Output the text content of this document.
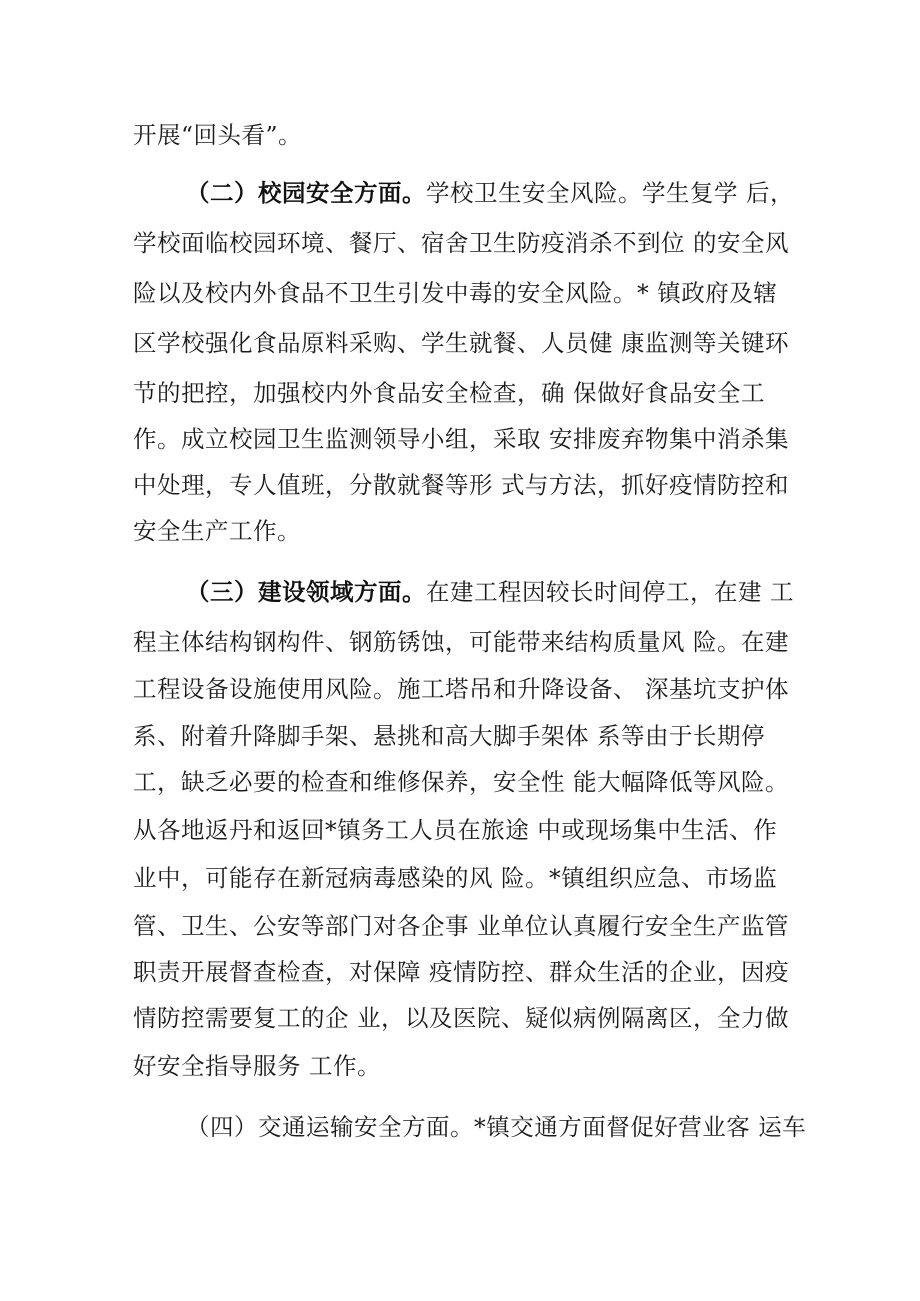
开展“回头看”。
（二）校园安全方面。学校卫生安全风险。学生复学 后，
学校面临校园环境、餐厅、宿舍卫生防疫消杀不到位 的安全风
险以及校内外食品不卫生引发中毒的安全风险。* 镇政府及辖
区学校强化食品原料采购、学生就餐、人员健 康监测等关键环
节的把控，加强校内外食品安全检查，确 保做好食品安全工
作。成立校园卫生监测领导小组，采取 安排废弃物集中消杀集
中处理，专人值班，分散就餐等形 式与方法，抓好疫情防控和
安全生产工作。
（三）建设领域方面。在建工程因较长时间停工，在建 工
程主体结构钢构件、钢筋锈蚀，可能带来结构质量风 险。在建
工程设备设施使用风险。施工塔吊和升降设备、 深基坑支护体
系、附着升降脚手架、悬挑和高大脚手架体 系等由于长期停
工，缺乏必要的检查和维修保养，安全性 能大幅降低等风险。
从各地返丹和返回*镇务工人员在旅途 中或现场集中生活、作
业中，可能存在新冠病毒感染的风 险。*镇组织应急、市场监
管、卫生、公安等部门对各企事 业单位认真履行安全生产监管
职责开展督查检查，对保障 疫情防控、群众生活的企业，因疫
情防控需要复工的企 业，以及医院、疑似病例隔离区，全力做
好安全指导服务 工作。
（四）交通运输安全方面。*镇交通方面督促好营业客 运车
